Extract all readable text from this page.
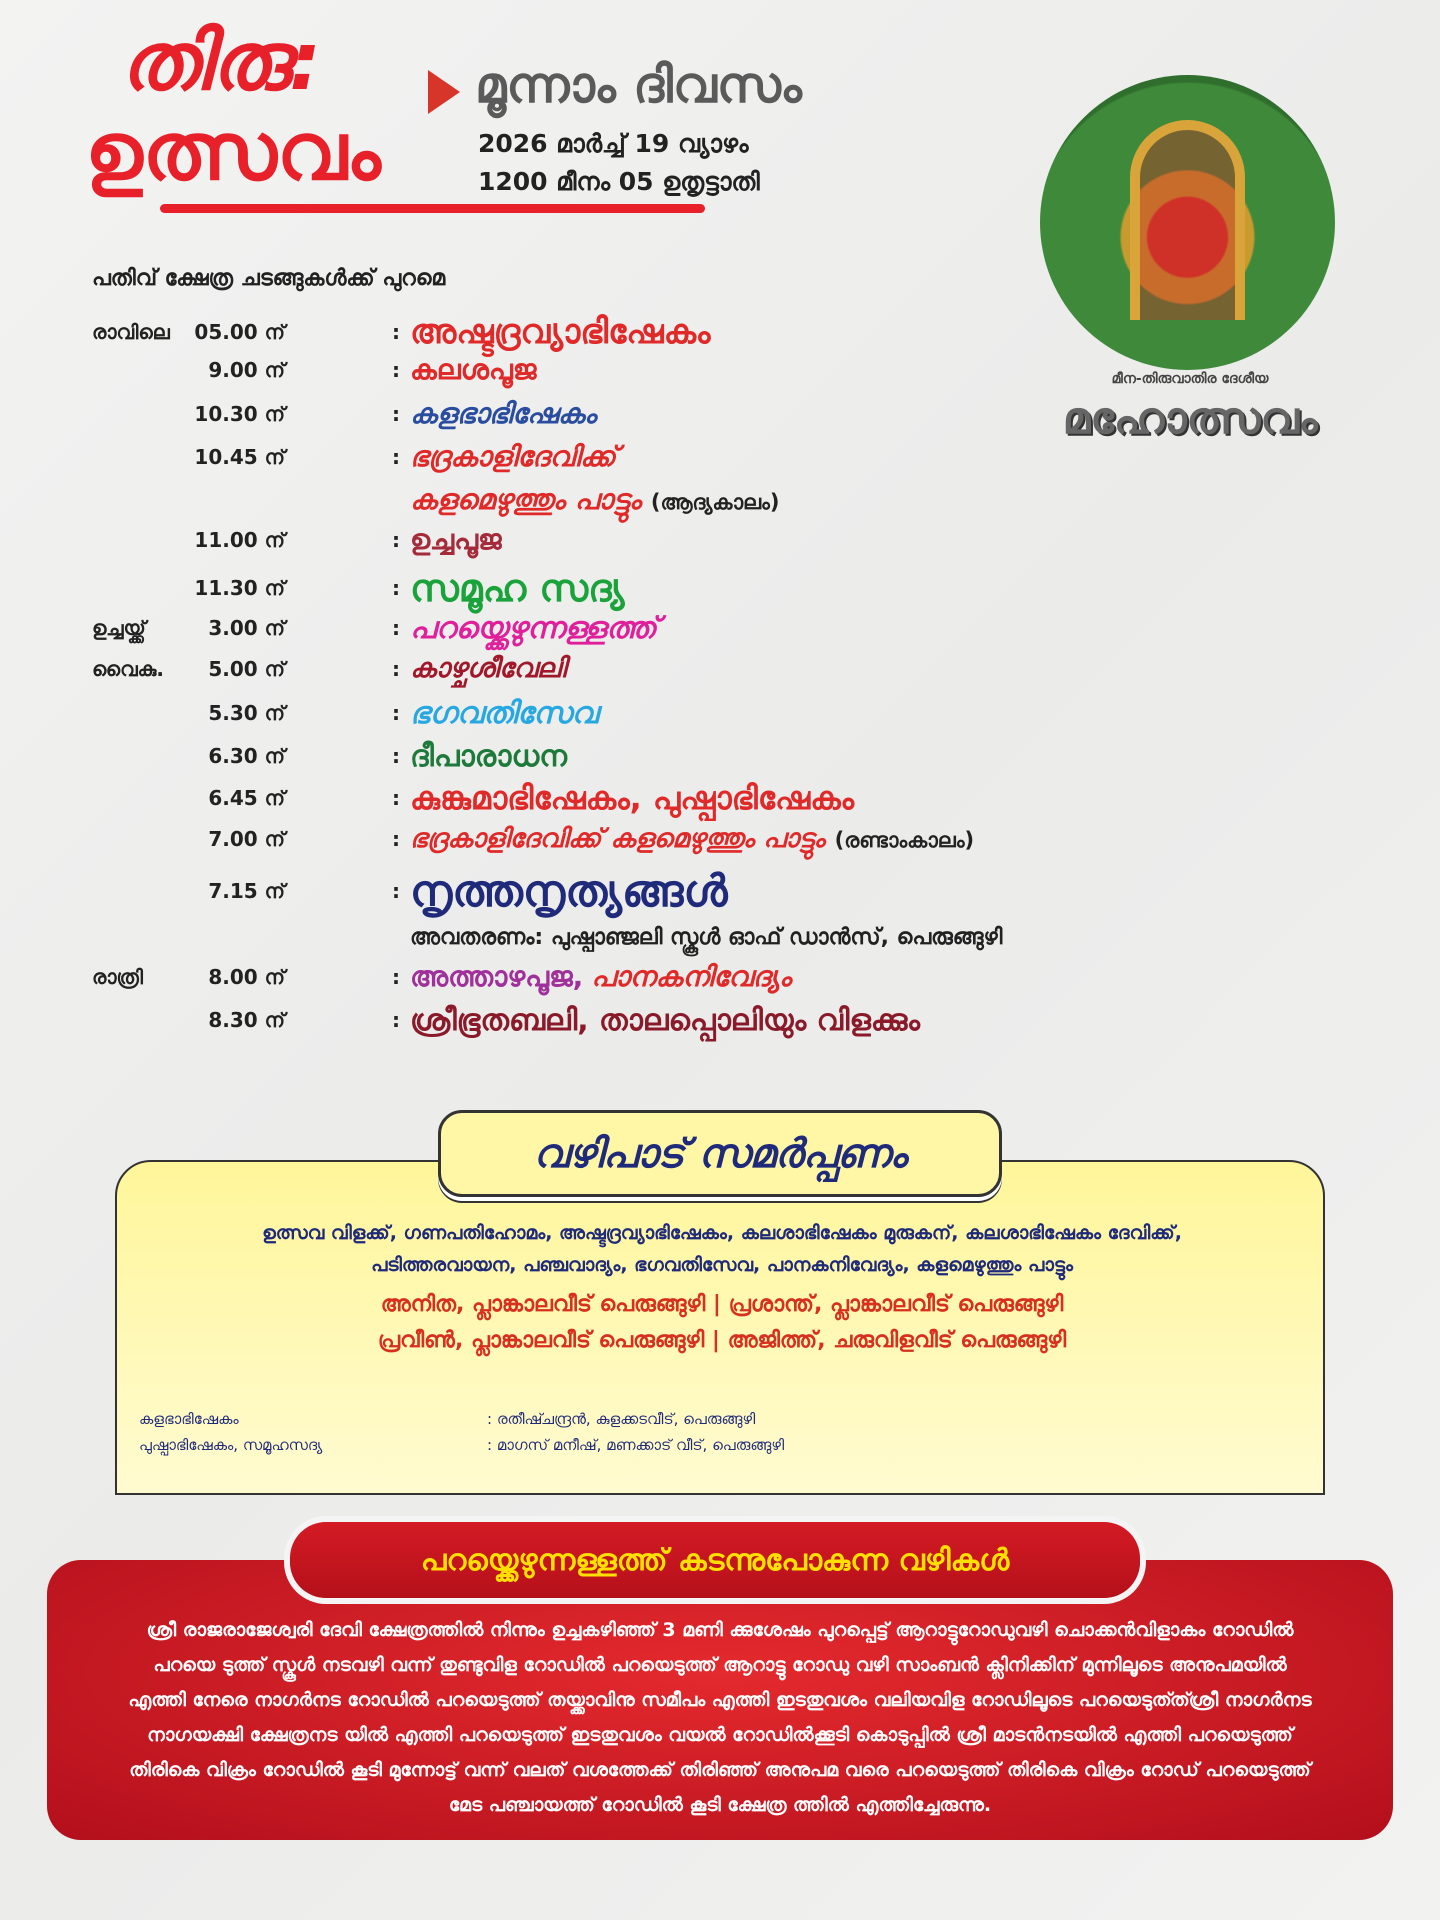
തിരു:
ഉത്സവം
മൂന്നാം ദിവസം
2026 മാർച്ച് 19 വ്യാഴം
1200 മീനം 05 ഉതൃട്ടാതി
മീന-തിരുവാതിര ദേശീയ
മഹോത്സവം
പതിവ് ക്ഷേത്ര ചടങ്ങുകൾക്ക് പുറമെ
രാവിലെ	05.00 ന്	: അഷ്ടദ്രവ്യാഭിഷേകം
9.00 ന്	: കലശപൂജ
10.30 ന്	: കളഭാഭിഷേകം
10.45 ന്	: ഭദ്രകാളിദേവിക്ക്
കളമെഴുത്തും പാട്ടും (ആദ്യകാലം)
11.00 ന്	: ഉച്ചപൂജ
11.30 ന്	: സമൂഹ സദ്യ
ഉച്ചയ്ക്ക്	3.00 ന്	: പറയ്ക്കെഴുന്നള്ളത്ത്
വൈകു.	5.00 ന്	: കാഴ്ചശീവേലി
5.30 ന്	: ഭഗവതിസേവ
6.30 ന്	: ദീപാരാധന
6.45 ന്	: കുങ്കുമാഭിഷേകം, പുഷ്പാഭിഷേകം
7.00 ന്	: ഭദ്രകാളിദേവിക്ക് കളമെഴുത്തും പാട്ടും (രണ്ടാംകാലം)
7.15 ന്	: നൃത്തനൃത്യങ്ങൾ
അവതരണം: പുഷ്പാഞ്ജലി സ്കൂൾ ഓഫ് ഡാൻസ്, പെരുങ്ങുഴി
രാത്രി	8.00 ന്	: അത്താഴപൂജ, പാനകനിവേദ്യം
8.30 ന്	: ശ്രീഭൂതബലി, താലപ്പൊലിയും വിളക്കും
ഉത്സവ വിളക്ക്, ഗണപതിഹോമം, അഷ്ടദ്രവ്യാഭിഷേകം, കലശാഭിഷേകം മുരുകന്, കലശാഭിഷേകം ദേവിക്ക്,
പടിത്തരവായന, പഞ്ചവാദ്യം, ഭഗവതിസേവ, പാനകനിവേദ്യം, കളമെഴുത്തും പാട്ടും
അനിത, പ്ലാങ്കാലവീട് പെരുങ്ങുഴി | പ്രശാന്ത്, പ്ലാങ്കാലവീട് പെരുങ്ങുഴി
പ്രവീൺ, പ്ലാങ്കാലവീട് പെരുങ്ങുഴി | അജിത്ത്, ചരുവിളവീട് പെരുങ്ങുഴി
കളഭാഭിഷേകം	: രതീഷ്ചന്ദ്രൻ, കുളക്കടവീട്, പെരുങ്ങുഴി
പുഷ്പാഭിഷേകം, സമൂഹസദ്യ	: മാഗസ് മനീഷ്, മണക്കാട് വീട്, പെരുങ്ങുഴി
വഴിപാട് സമർപ്പണം
പറയ്ക്കെഴുന്നള്ളത്ത് കടന്നുപോകുന്ന വഴികൾ
ശ്രീ രാജരാജേശ്വരി ദേവി ക്ഷേത്രത്തിൽ നിന്നും ഉച്ചകഴിഞ്ഞ് 3 മണി ക്കുശേഷം പുറപ്പെട്ട് ആറാട്ടുറോഡുവഴി ചൊക്കൻവിളാകം റോഡിൽ
പറയെ ടുത്ത് സ്കൂൾ നടവഴി വന്ന് തുണ്ടുവിള റോഡിൽ പറയെടുത്ത് ആറാട്ടു റോഡു വഴി സാംബൻ ക്ലിനിക്കിന് മുന്നിലൂടെ അനുപമയിൽ
എത്തി നേരെ നാഗർനട റോഡിൽ പറയെടുത്ത് തയ്ക്കാവിനു സമീപം എത്തി ഇടതുവശം വലിയവിള റോഡിലൂടെ പറയെടുത്ത്ശ്രീ നാഗർനട
നാഗയക്ഷി ക്ഷേത്രനട യിൽ എത്തി പറയെടുത്ത് ഇടതുവശം വയൽ റോഡിൽക്കൂടി കൊടുപ്പിൽ ശ്രീ മാടൻനടയിൽ എത്തി പറയെടുത്ത്
തിരികെ വിക്രം റോഡിൽ കൂടി മുന്നോട്ട് വന്ന് വലത് വശത്തേക്ക് തിരിഞ്ഞ് അനുപമ വരെ പറയെടുത്ത് തിരികെ വിക്രം റോഡ് പറയെടുത്ത്
മേട പഞ്ചായത്ത് റോഡിൽ കൂടി ക്ഷേത്ര ത്തിൽ എത്തിച്ചേരുന്നു.
